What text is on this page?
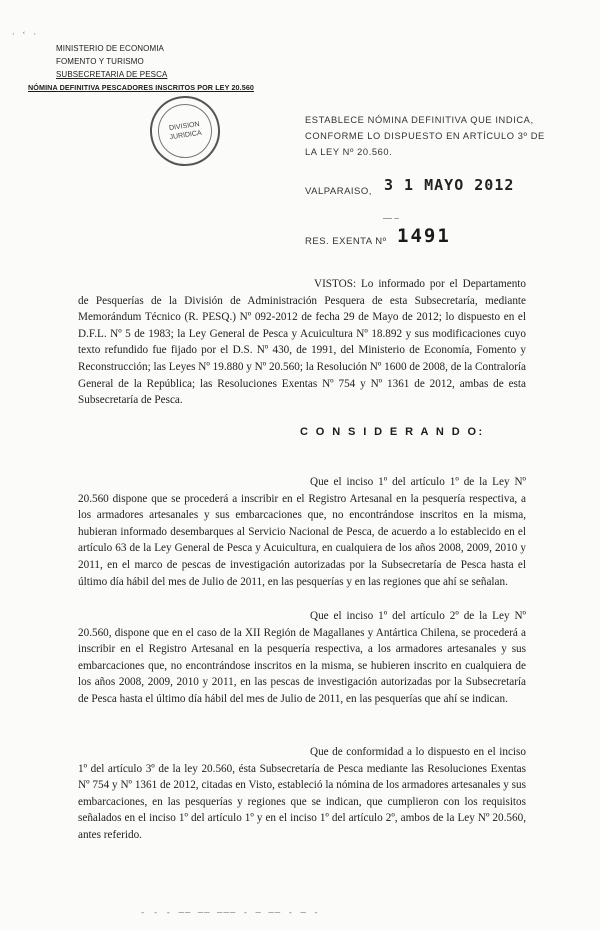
· ‘ ·
MINISTERIO DE ECONOMIA
FOMENTO Y TURISMO
SUBSECRETARIA DE PESCA
NÓMINA DEFINITIVA PESCADORES INSCRITOS POR LEY 20.560
DIVISION
JURIDICA
ESTABLECE NÓMINA DEFINITIVA QUE INDICA, CONFORME LO DISPUESTO EN ARTÍCULO 3º DE LA LEY Nº 20.560.
VALPARAISO, 3 1 MAYO 2012
— –
RES. EXENTA Nº 1491
VISTOS: Lo informado por el Departamento de Pesquerías de la División de Administración Pesquera de esta Subsecretaría, mediante Memorándum Técnico (R. PESQ.) Nº 092-2012 de fecha 29 de Mayo de 2012; lo dispuesto en el D.F.L. Nº 5 de 1983; la Ley General de Pesca y Acuicultura Nº 18.892 y sus modificaciones cuyo texto refundido fue fijado por el D.S. Nº 430, de 1991, del Ministerio de Economía, Fomento y Reconstrucción; las Leyes Nº 19.880 y Nº 20.560; la Resolución Nº 1600 de 2008, de la Contraloría General de la República; las Resoluciones Exentas Nº 754 y Nº 1361 de 2012, ambas de esta Subsecretaría de Pesca.
C O N S I D E R A N D O:
Que el inciso 1º del artículo 1º de la Ley Nº 20.560 dispone que se procederá a inscribir en el Registro Artesanal en la pesquería respectiva, a los armadores artesanales y sus embarcaciones que, no encontrándose inscritos en la misma, hubieran informado desembarques al Servicio Nacional de Pesca, de acuerdo a lo establecido en el artículo 63 de la Ley General de Pesca y Acuicultura, en cualquiera de los años 2008, 2009, 2010 y 2011, en el marco de pescas de investigación autorizadas por la Subsecretaría de Pesca hasta el último día hábil del mes de Julio de 2011, en las pesquerías y en las regiones que ahí se señalan.
Que el inciso 1º del artículo 2º de la Ley Nº 20.560, dispone que en el caso de la XII Región de Magallanes y Antártica Chilena, se procederá a inscribir en el Registro Artesanal en la pesquería respectiva, a los armadores artesanales y sus embarcaciones que, no encontrándose inscritos en la misma, se hubieren inscrito en cualquiera de los años 2008, 2009, 2010 y 2011, en las pescas de investigación autorizadas por la Subsecretaría de Pesca hasta el último día hábil del mes de Julio de 2011, en las pesquerías que ahí se indican.
Que de conformidad a lo dispuesto en el inciso 1º del artículo 3º de la ley 20.560, ésta Subsecretaría de Pesca mediante las Resoluciones Exentas Nº 754 y Nº 1361 de 2012, citadas en Visto, estableció la nómina de los armadores artesanales y sus embarcaciones, en las pesquerías y regiones que se indican, que cumplieron con los requisitos señalados en el inciso 1º del artículo 1º y en el inciso 1º del artículo 2º, ambos de la Ley Nº 20.560, antes referido.
- - - —— —— ——— - — —— - — -
